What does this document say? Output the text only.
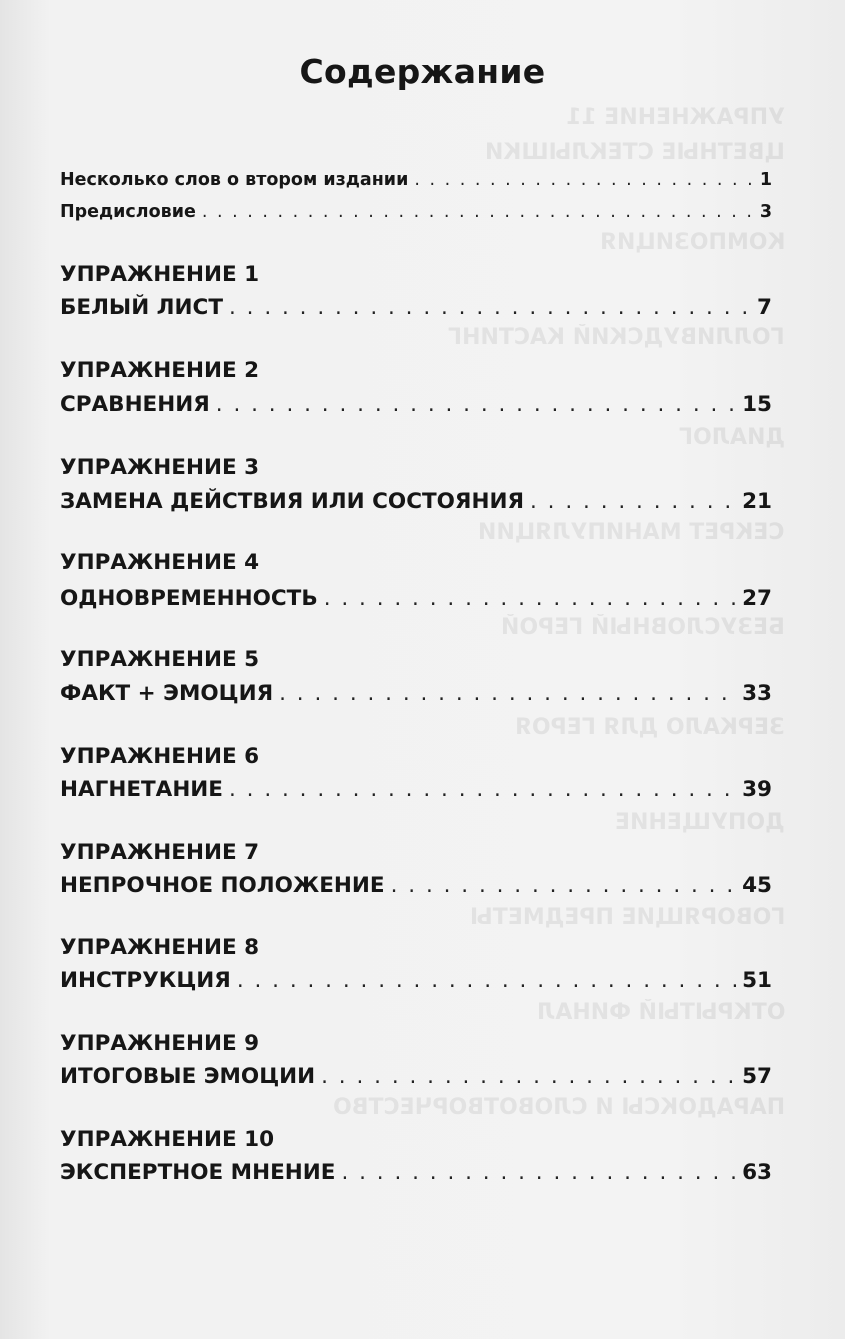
УПРАЖНЕНИЕ 11
ЦВЕТНЫЕ СТЕКЛЫШКИ
КОМПОЗИЦИЯ
ГОЛЛИВУДСКИЙ КАСТИНГ
ДИАЛОГ
СЕКРЕТ МАНИПУЛЯЦИИ
БЕЗУСЛОВНЫЙ ГЕРОЙ
ЗЕРКАЛО ДЛЯ ГЕРОЯ
ДОПУЩЕНИЕ
ГОВОРЯЩИЕ ПРЕДМЕТЫ
ОТКРЫТЫЙ ФИНАЛ
ПАРАДОКСЫ И СЛОВОТВОРЧЕСТВО
Содержание
Несколько слов о втором издании . . .	1
Предисловие . . .	3
УПРАЖНЕНИЕ 1
БЕЛЫЙ ЛИСТ . . .	7
УПРАЖНЕНИЕ 2
СРАВНЕНИЯ . . .	15
УПРАЖНЕНИЕ 3
ЗАМЕНА ДЕЙСТВИЯ ИЛИ СОСТОЯНИЯ . . .	21
УПРАЖНЕНИЕ 4
ОДНОВРЕМЕННОСТЬ . . .	27
УПРАЖНЕНИЕ 5
ФАКТ + ЭМОЦИЯ . . .	33
УПРАЖНЕНИЕ 6
НАГНЕТАНИЕ . . .	39
УПРАЖНЕНИЕ 7
НЕПРОЧНОЕ ПОЛОЖЕНИЕ . . .	45
УПРАЖНЕНИЕ 8
ИНСТРУКЦИЯ . . .	51
УПРАЖНЕНИЕ 9
ИТОГОВЫЕ ЭМОЦИИ . . .	57
УПРАЖНЕНИЕ 10
ЭКСПЕРТНОЕ МНЕНИЕ . . .	63
